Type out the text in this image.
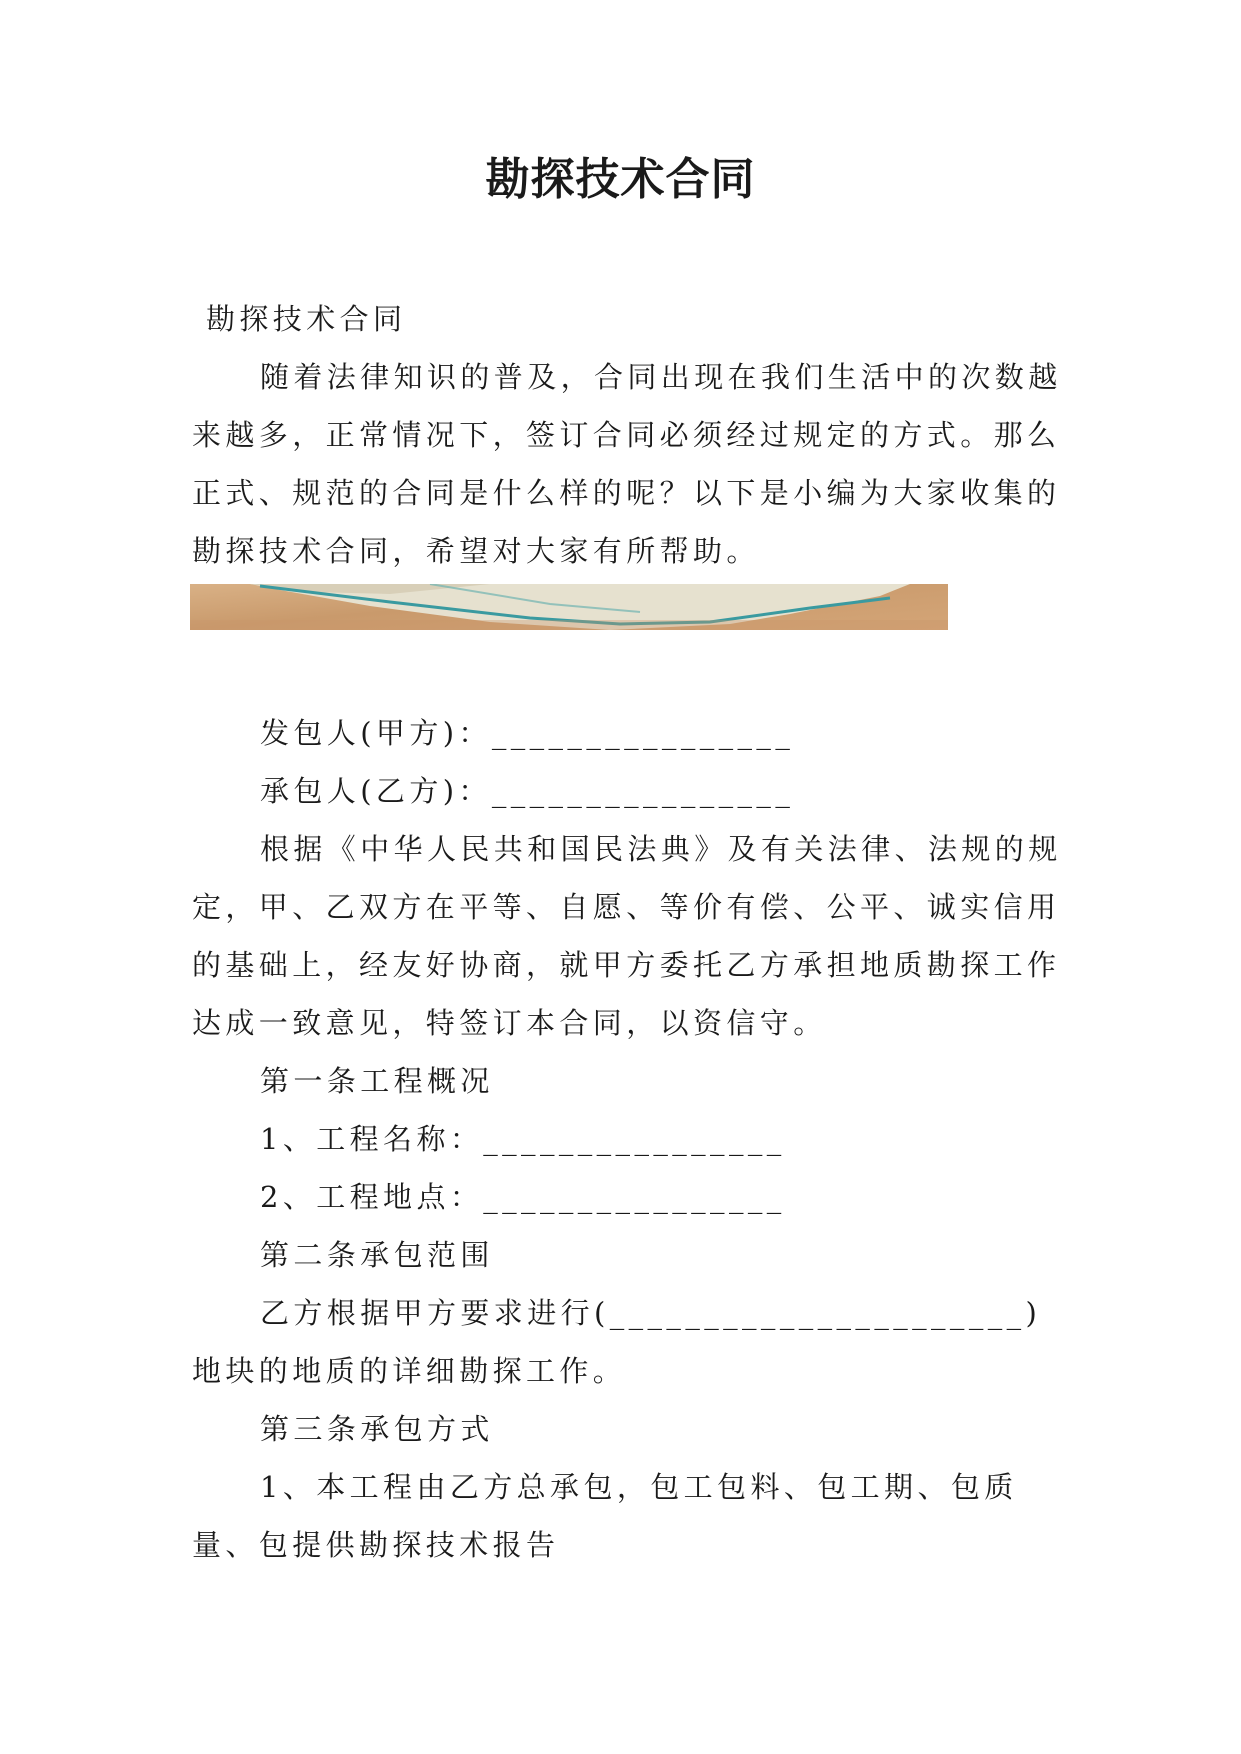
勘探技术合同

勘探技术合同

随着法律知识的普及，合同出现在我们生活中的次数越来越多，正常情况下，签订合同必须经过规定的方式。那么正式、规范的合同是什么样的呢？以下是小编为大家收集的勘探技术合同，希望对大家有所帮助。

发包人(甲方)：________________

承包人(乙方)：________________

根据《中华人民共和国民法典》及有关法律、法规的规定，甲、乙双方在平等、自愿、等价有偿、公平、诚实信用的基础上，经友好协商，就甲方委托乙方承担地质勘探工作达成一致意见，特签订本合同，以资信守。

第一条工程概况

1、工程名称：________________

2、工程地点：________________

第二条承包范围

乙方根据甲方要求进行(______________________)地块的地质的详细勘探工作。

第三条承包方式

1、本工程由乙方总承包，包工包料、包工期、包质量、包提供勘探技术报告
